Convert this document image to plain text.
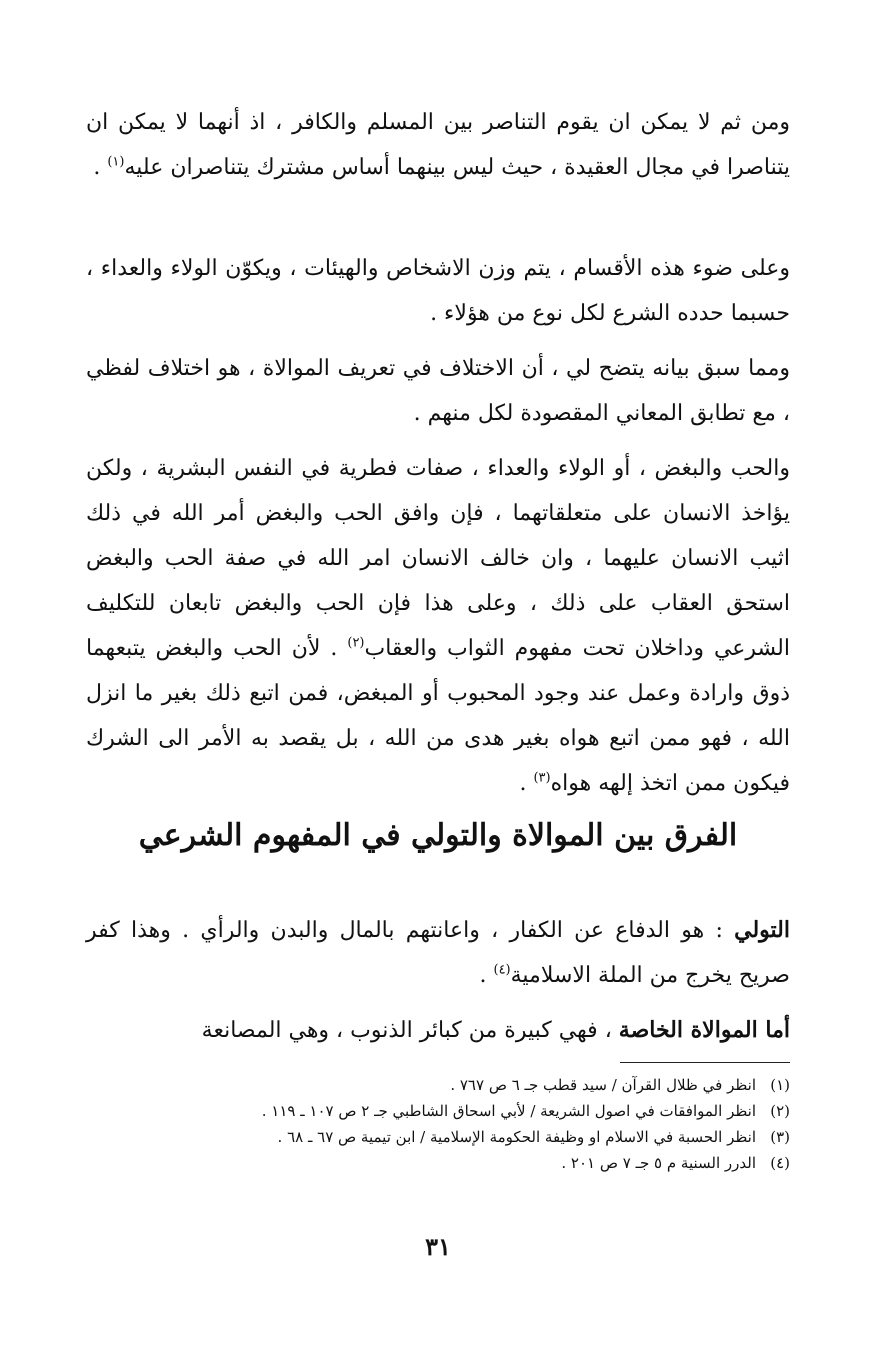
ومن ثم لا يمكن ان يقوم التناصر بين المسلم والكافر ، اذ أنهما لا يمكن ان يتناصرا في مجال العقيدة ، حيث ليس بينهما أساس مشترك يتناصران عليه$^{(١)}$ .

وعلى ضوء هذه الأقسام ، يتم وزن الاشخاص والهيئات ، ويكوّن الولاء والعداء ، حسبما حدده الشرع لكل نوع من هؤلاء .

ومما سبق بيانه يتضح لي ، أن الاختلاف في تعريف الموالاة ، هو اختلاف لفظي ، مع تطابق المعاني المقصودة لكل منهم .

والحب والبغض ، أو الولاء والعداء ، صفات فطرية في النفس البشرية ، ولكن يؤاخذ الانسان على متعلقاتهما ، فإن وافق الحب والبغض أمر الله في ذلك اثيب الانسان عليهما ، وان خالف الانسان امر الله في صفة الحب والبغض استحق العقاب على ذلك ، وعلى هذا فإن الحب والبغض تابعان للتكليف الشرعي وداخلان تحت مفهوم الثواب والعقاب$^{(٢)}$ . لأن الحب والبغض يتبعهما ذوق وارادة وعمل عند وجود المحبوب أو المبغض، فمن اتبع ذلك بغير ما انزل الله ، فهو ممن اتبع هواه بغير هدى من الله ، بل يقصد به الأمر الى الشرك فيكون ممن اتخذ إلهه هواه$^{(٣)}$ .

الفرق بين الموالاة والتولي في المفهوم الشرعي

التولي : هو الدفاع عن الكفار ، واعانتهم بالمال والبدن والرأي . وهذا كفر صريح يخرج من الملة الاسلامية$^{(٤)}$ .

أما الموالاة الخاصة ، فهي كبيرة من كبائر الذنوب ، وهي المصانعة

(١)انظر في ظلال القرآن / سيد قطب جـ ٦ ص ٧٦٧ .
(٢)انظر الموافقات في اصول الشريعة / لأبي اسحاق الشاطبي جـ ٢ ص ١٠٧ ـ ١١٩ .
(٣)انظر الحسبة في الاسلام او وظيفة الحكومة الإسلامية / ابن تيمية ص ٦٧ ـ ٦٨ .
(٤)الدرر السنية م ٥ جـ ٧ ص ٢٠١ .
٣١
